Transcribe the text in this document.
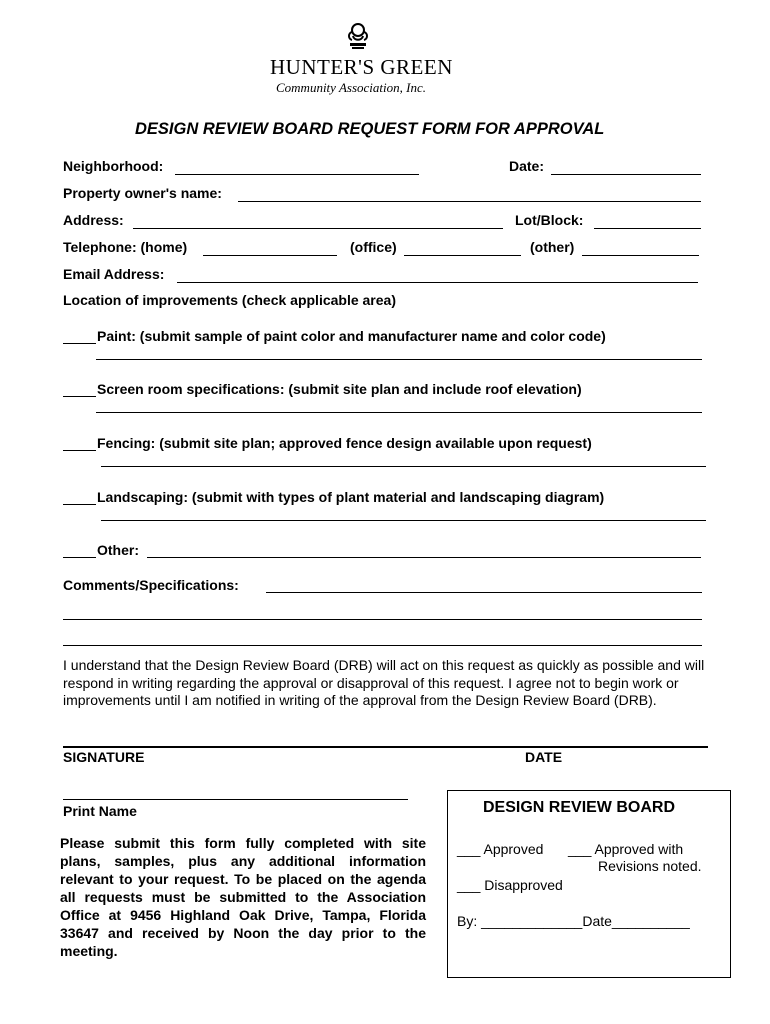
HUNTER'S GREEN
Community Association, Inc.
DESIGN REVIEW BOARD REQUEST FORM FOR APPROVAL
Neighborhood:	Date:
Property owner's name:
Address:	Lot/Block:
Telephone: (home)	(office)	(other)
Email Address:
Location of improvements (check applicable area)
Paint: (submit sample of paint color and manufacturer name and color code)
Screen room specifications: (submit site plan and include roof elevation)
Fencing: (submit site plan; approved fence design available upon request)
Landscaping: (submit with types of plant material and landscaping diagram)
Other:
Comments/Specifications:
I understand that the Design Review Board (DRB) will act on this request as quickly as possible and will respond in writing regarding the approval or disapproval of this request. I agree not to begin work or improvements until I am notified in writing of the approval from the Design Review Board (DRB).
SIGNATURE	DATE
Print Name
Please submit this form fully completed with site plans, samples, plus any additional information relevant to your request. To be placed on the agenda all requests must be submitted to the Association Office at 9456 Highland Oak Drive, Tampa, Florida 33647 and received by Noon the day prior to the meeting.
DESIGN REVIEW BOARD
___ Approved ___ Approved with
Revisions noted.
___ Disapproved
By: _____________Date__________
